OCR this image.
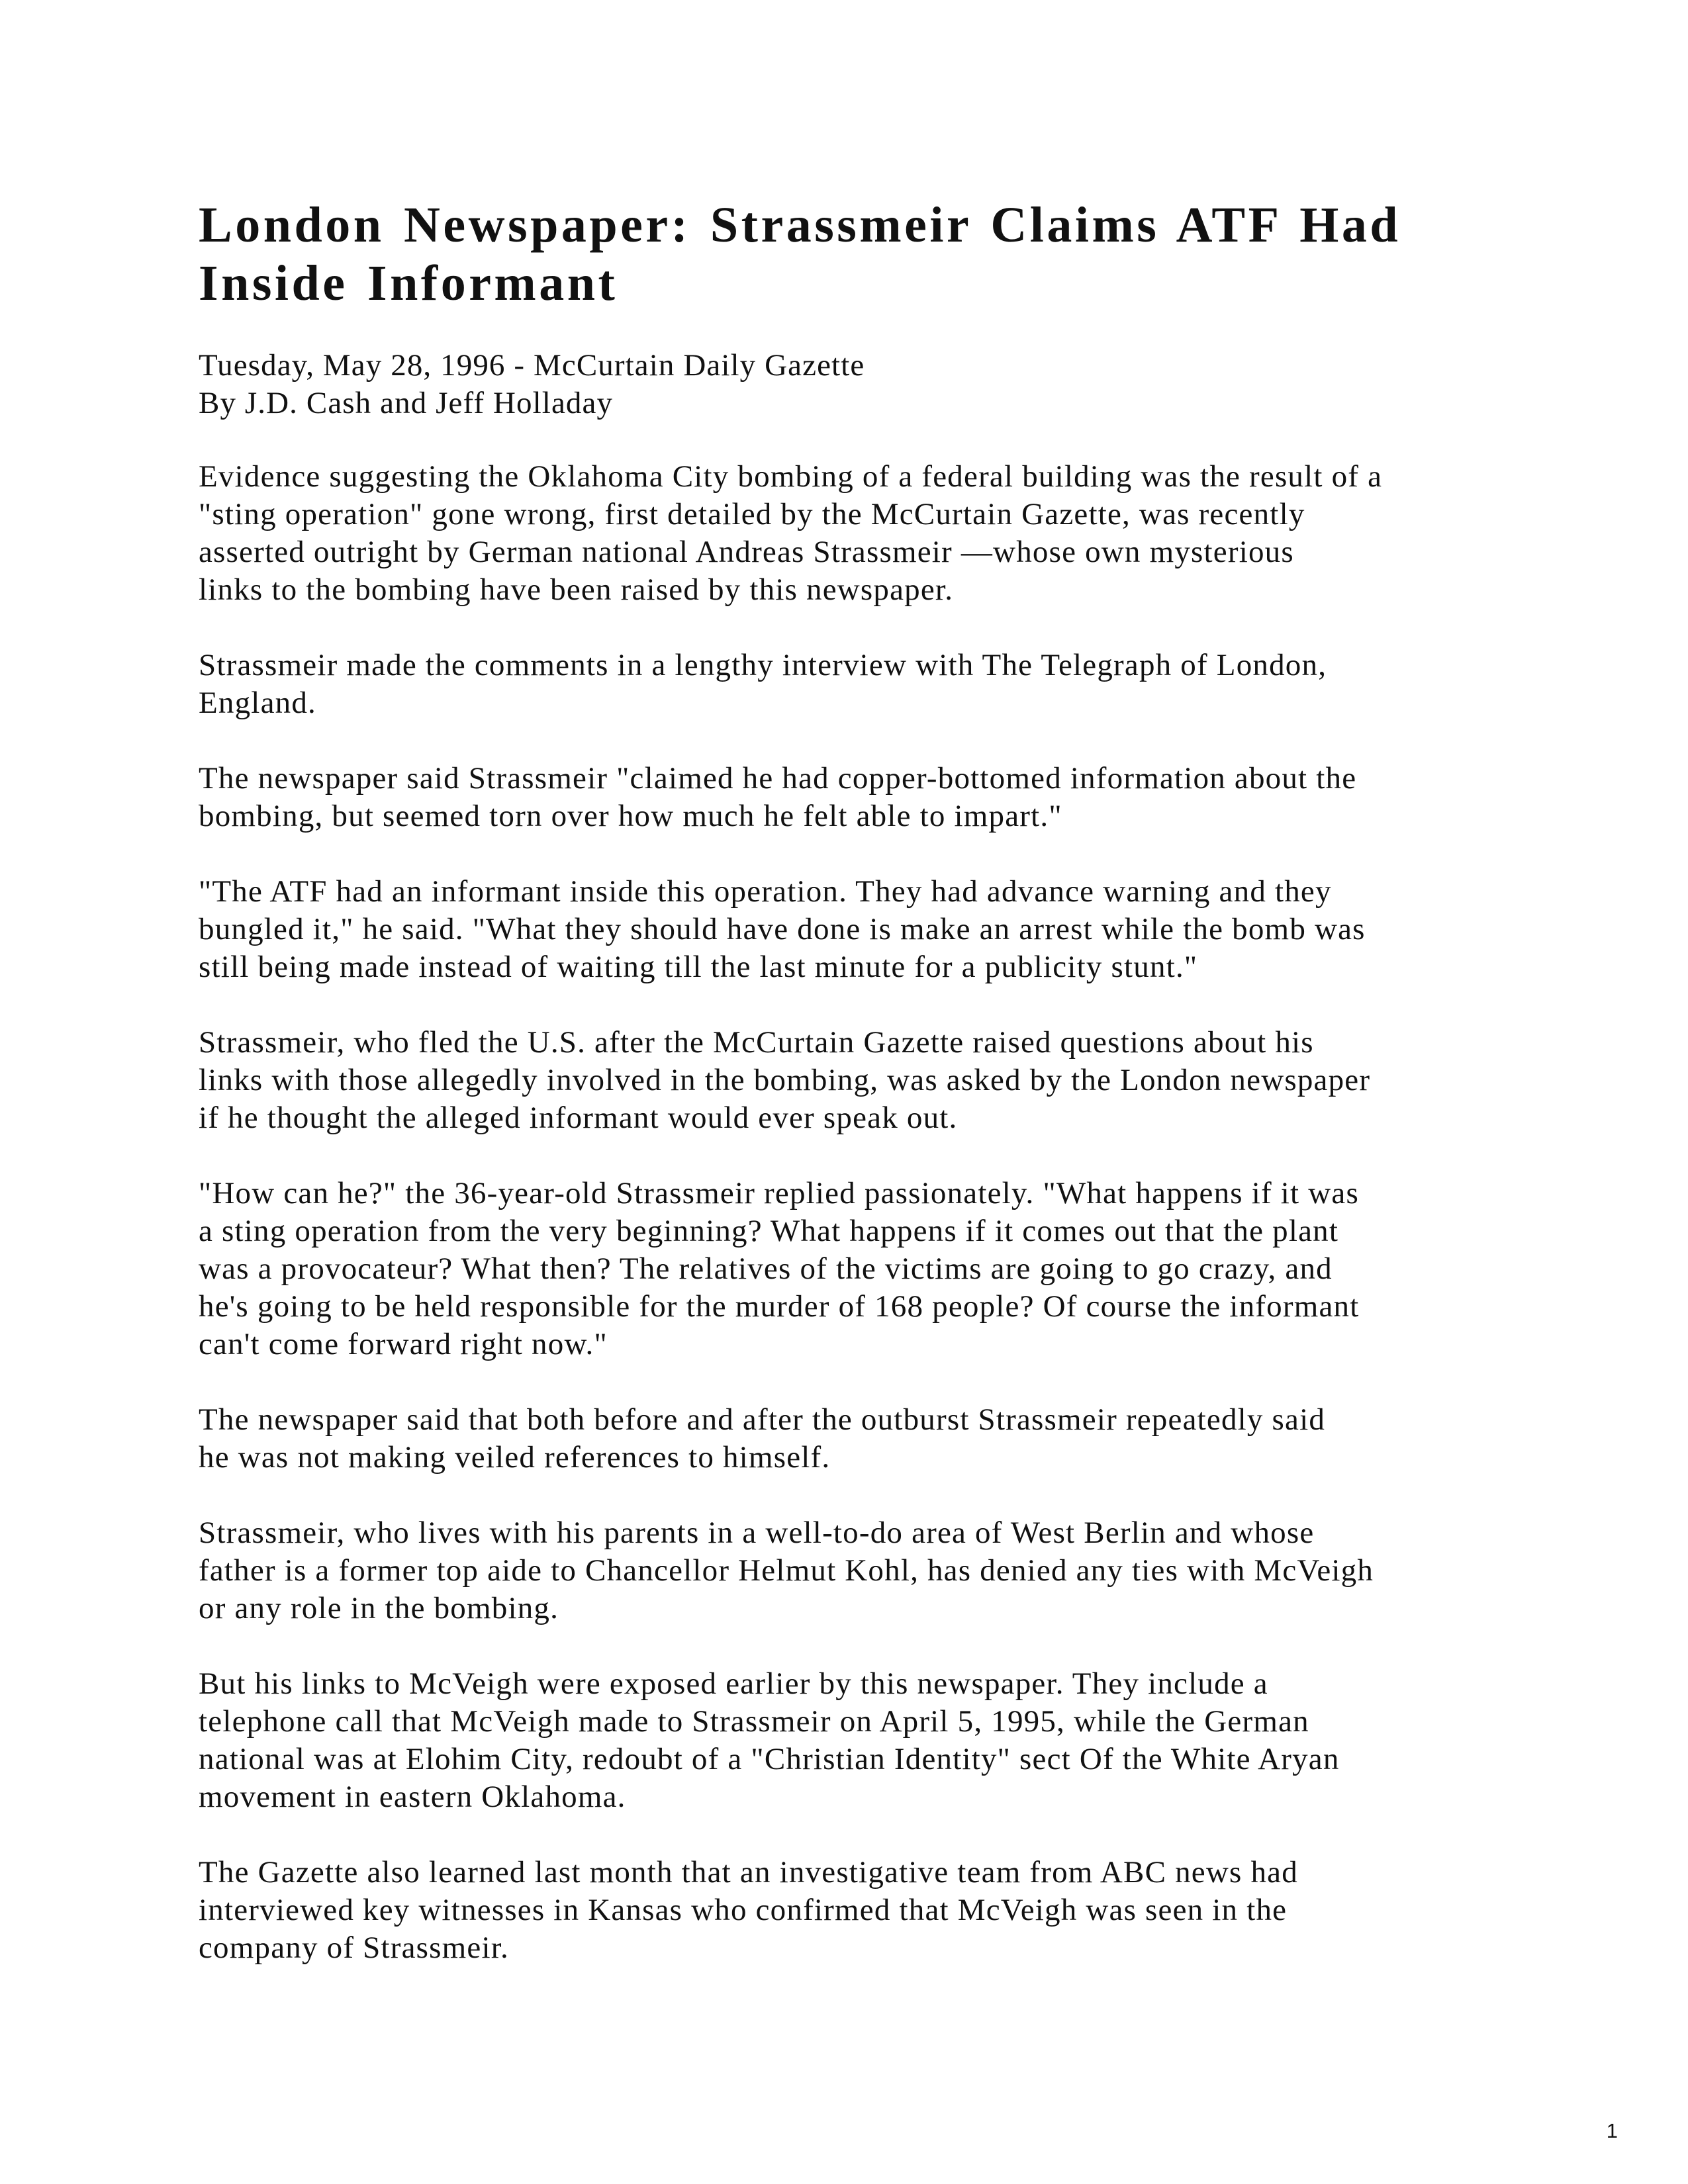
London Newspaper: Strassmeir Claims ATF Had
Inside Informant
Tuesday, May 28, 1996 - McCurtain Daily Gazette
By J.D. Cash and Jeff Holladay

Evidence suggesting the Oklahoma City bombing of a federal building was the result of a
"sting operation" gone wrong, first detailed by the McCurtain Gazette, was recently
asserted outright by German national Andreas Strassmeir —whose own mysterious
links to the bombing have been raised by this newspaper.

Strassmeir made the comments in a lengthy interview with The Telegraph of London,
England.

The newspaper said Strassmeir "claimed he had copper-bottomed information about the
bombing, but seemed torn over how much he felt able to impart."

"The ATF had an informant inside this operation. They had advance warning and they
bungled it," he said. "What they should have done is make an arrest while the bomb was
still being made instead of waiting till the last minute for a publicity stunt."

Strassmeir, who fled the U.S. after the McCurtain Gazette raised questions about his
links with those allegedly involved in the bombing, was asked by the London newspaper
if he thought the alleged informant would ever speak out.

"How can he?" the 36-year-old Strassmeir replied passionately. "What happens if it was
a sting operation from the very beginning? What happens if it comes out that the plant
was a provocateur? What then? The relatives of the victims are going to go crazy, and
he's going to be held responsible for the murder of 168 people? Of course the informant
can't come forward right now."

The newspaper said that both before and after the outburst Strassmeir repeatedly said
he was not making veiled references to himself.

Strassmeir, who lives with his parents in a well-to-do area of West Berlin and whose
father is a former top aide to Chancellor Helmut Kohl, has denied any ties with McVeigh
or any role in the bombing.

But his links to McVeigh were exposed earlier by this newspaper. They include a
telephone call that McVeigh made to Strassmeir on April 5, 1995, while the German
national was at Elohim City, redoubt of a "Christian Identity" sect Of the White Aryan
movement in eastern Oklahoma.

The Gazette also learned last month that an investigative team from ABC news had
interviewed key witnesses in Kansas who confirmed that McVeigh was seen in the
company of Strassmeir.

1
